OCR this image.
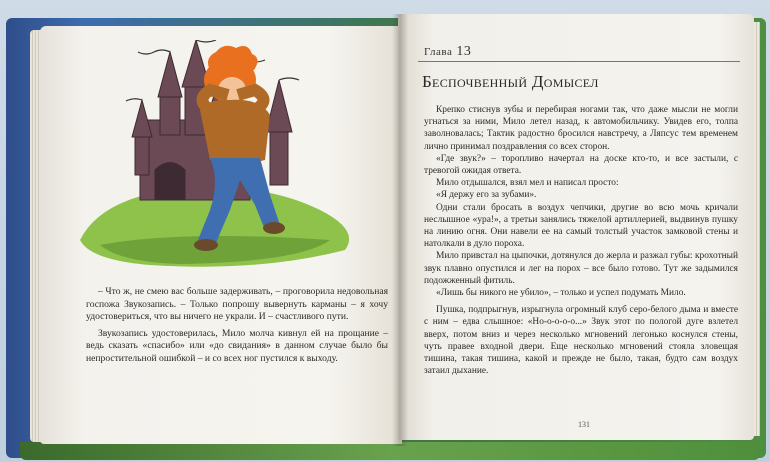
– Что ж, не смею вас больше задерживать, – проговорила недовольная госпожа Звукозапись. – Только попрошу вывернуть карманы – я хочу удостовериться, что вы ничего не украли. И – счастливого пути.

Звукозапись удостоверилась, Мило молча кивнул ей на прощание – ведь сказать «спасибо» или «до свидания» в данном случае было бы непростительной ошибкой – и со всех ног пустился к выходу.

Глава 13
Беспочвенный Домысел

Крепко стиснув зубы и перебирая ногами так, что даже мысли не могли угнаться за ними, Мило летел назад, к автомобильчику. Увидев его, толпа заволновалась; Тактик радостно бросился навстречу, а Ляпсус тем временем лично принимал поздравления со всех сторон.

«Где звук?» – торопливо начертал на доске кто-то, и все застыли, с тревогой ожидая ответа.

Мило отдышался, взял мел и написал просто:

«Я держу его за зубами».

Одни стали бросать в воздух чепчики, другие во всю мочь кричали неслышное «ура!», а третьи занялись тяжелой артиллерией, выдвинув пушку на линию огня. Они навели ее на самый толстый участок замковой стены и натолкали в дуло пороха.

Мило привстал на цыпочки, дотянулся до жерла и разжал губы: крохотный звук плавно опустился и лег на порох – все было готово. Тут же задымился подожженный фитиль.

«Лишь бы никого не убило», – только и успел подумать Мило.

Пушка, подпрыгнув, изрыгнула огромный клуб серо-белого дыма и вместе с ним – едва слышное: «Но-о-о-о-о...» Звук этот по пологой дуге взлетел вверх, потом вниз и через несколько мгновений легонько коснулся стены, чуть правее входной двери. Еще несколько мгновений стояла зловещая тишина, такая тишина, какой и прежде не было, такая, будто сам воздух затаил дыхание.

131
